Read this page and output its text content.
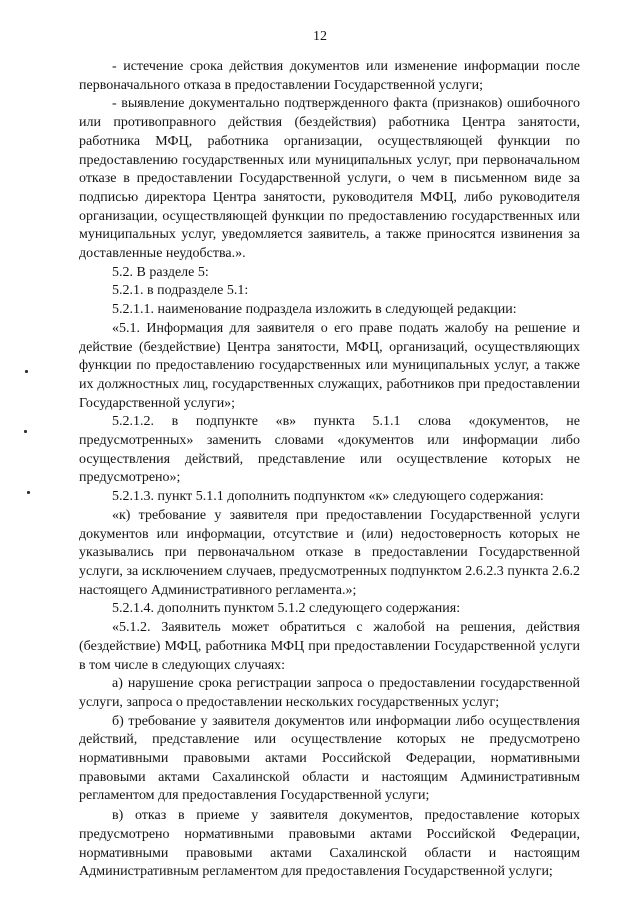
12

- истечение срока действия документов или изменение информации после первоначального отказа в предоставлении Государственной услуги;

- выявление документально подтвержденного факта (признаков) ошибочного или противоправного действия (бездействия) работника Центра занятости, работника МФЦ, работника организации, осуществляющей функции по предоставлению государственных или муниципальных услуг, при первоначальном отказе в предоставлении Государственной услуги, о чем в письменном виде за подписью директора Центра занятости, руководителя МФЦ, либо руководителя организации, осуществляющей функции по предоставлению государственных или муниципальных услуг, уведомляется заявитель, а также приносятся извинения за доставленные неудобства.».

5.2. В разделе 5:

5.2.1. в подразделе 5.1:

5.2.1.1. наименование подраздела изложить в следующей редакции:

«5.1. Информация для заявителя о его праве подать жалобу на решение и действие (бездействие) Центра занятости, МФЦ, организаций, осуществляющих функции по предоставлению государственных или муниципальных услуг, а также их должностных лиц, государственных служащих, работников при предоставлении Государственной услуги»;

5.2.1.2. в подпункте «в» пункта 5.1.1 слова «документов, не предусмотренных» заменить словами «документов или информации либо осуществления действий, представление или осуществление которых не предусмотрено»;

5.2.1.3. пункт 5.1.1 дополнить подпунктом «к» следующего содержания:

«к) требование у заявителя при предоставлении Государственной услуги документов или информации, отсутствие и (или) недостоверность которых не указывались при первоначальном отказе в предоставлении Государственной услуги, за исключением случаев, предусмотренных подпунктом 2.6.2.3 пункта 2.6.2 настоящего Административного регламента.»;

5.2.1.4. дополнить пунктом 5.1.2 следующего содержания:

«5.1.2. Заявитель может обратиться с жалобой на решения, действия (бездействие) МФЦ, работника МФЦ при предоставлении Государственной услуги в том числе в следующих случаях:

а) нарушение срока регистрации запроса о предоставлении государственной услуги, запроса о предоставлении нескольких государственных услуг;

б) требование у заявителя документов или информации либо осуществления действий, представление или осуществление которых не предусмотрено нормативными правовыми актами Российской Федерации, нормативными правовыми актами Сахалинской области и настоящим Административным регламентом для предоставления Государственной услуги;

в) отказ в приеме у заявителя документов, предоставление которых предусмотрено нормативными правовыми актами Российской Федерации, нормативными правовыми актами Сахалинской области и настоящим Административным регламентом для предоставления Государственной услуги;
